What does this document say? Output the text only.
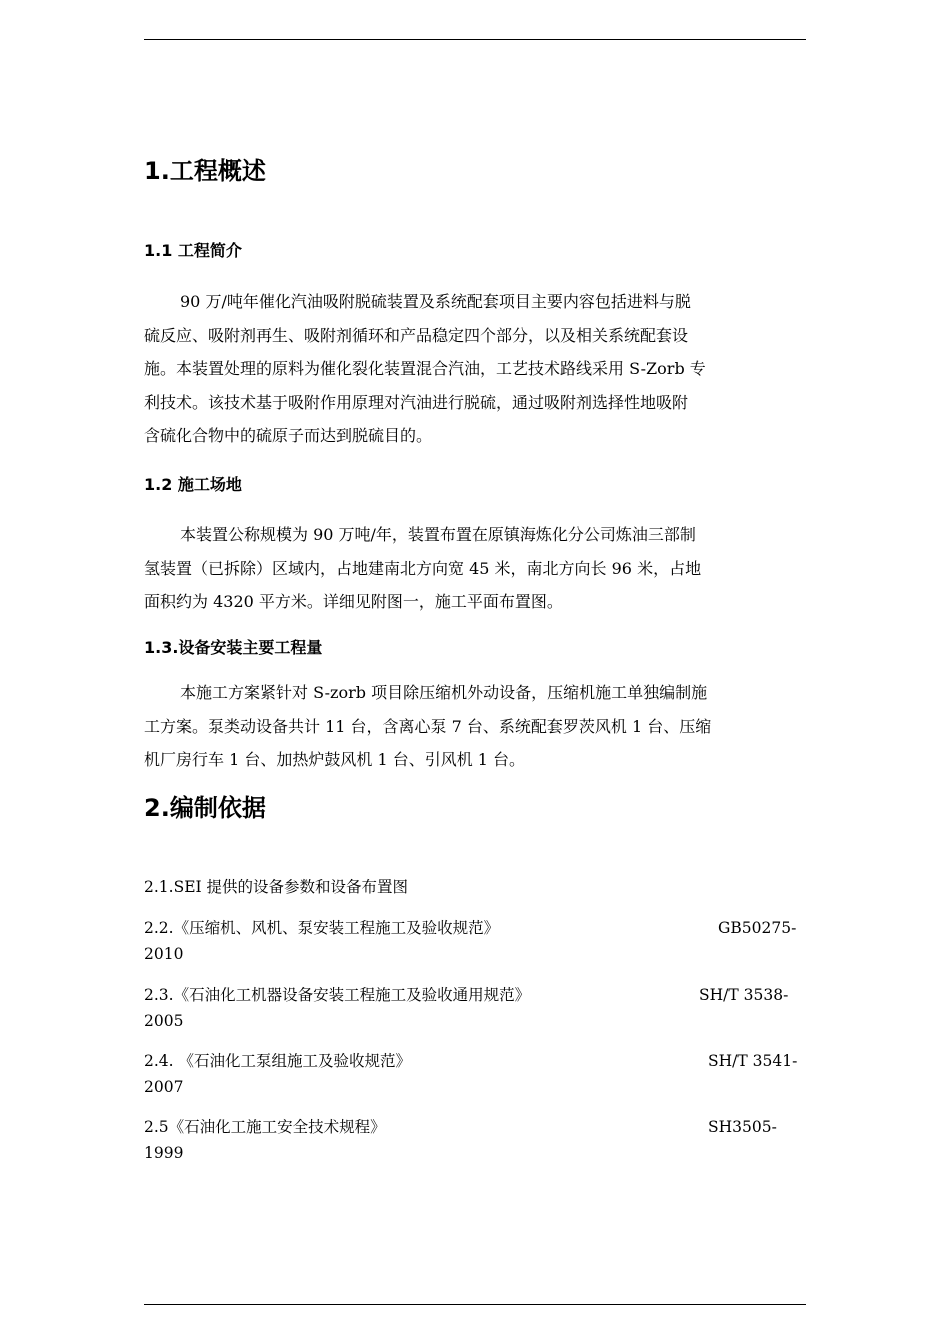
1.工程概述
1.1 工程简介
90 万/吨年催化汽油吸附脱硫装置及系统配套项目主要内容包括进料与脱
硫反应、吸附剂再生、吸附剂循环和产品稳定四个部分，以及相关系统配套设
施。本装置处理的原料为催化裂化装置混合汽油，工艺技术路线采用 S-Zorb 专
利技术。该技术基于吸附作用原理对汽油进行脱硫，通过吸附剂选择性地吸附
含硫化合物中的硫原子而达到脱硫目的。
1.2 施工场地
本装置公称规模为 90 万吨/年，装置布置在原镇海炼化分公司炼油三部制
氢装置（已拆除）区域内，占地建南北方向宽 45 米，南北方向长 96 米，占地
面积约为 4320 平方米。详细见附图一，施工平面布置图。
1.3.设备安装主要工程量
本施工方案紧针对 S-zorb 项目除压缩机外动设备，压缩机施工单独编制施
工方案。泵类动设备共计 11 台，含离心泵 7 台、系统配套罗茨风机 1 台、压缩
机厂房行车 1 台、加热炉鼓风机 1 台、引风机 1 台。
2.编制依据
2.1.SEI 提供的设备参数和设备布置图
2.2.《压缩机、风机、泵安装工程施工及验收规范》	GB50275-
2010
2.3.《石油化工机器设备安装工程施工及验收通用规范》	SH/T 3538-
2005
2.4. 《石油化工泵组施工及验收规范》	SH/T 3541-
2007
2.5《石油化工施工安全技术规程》	SH3505-
1999
